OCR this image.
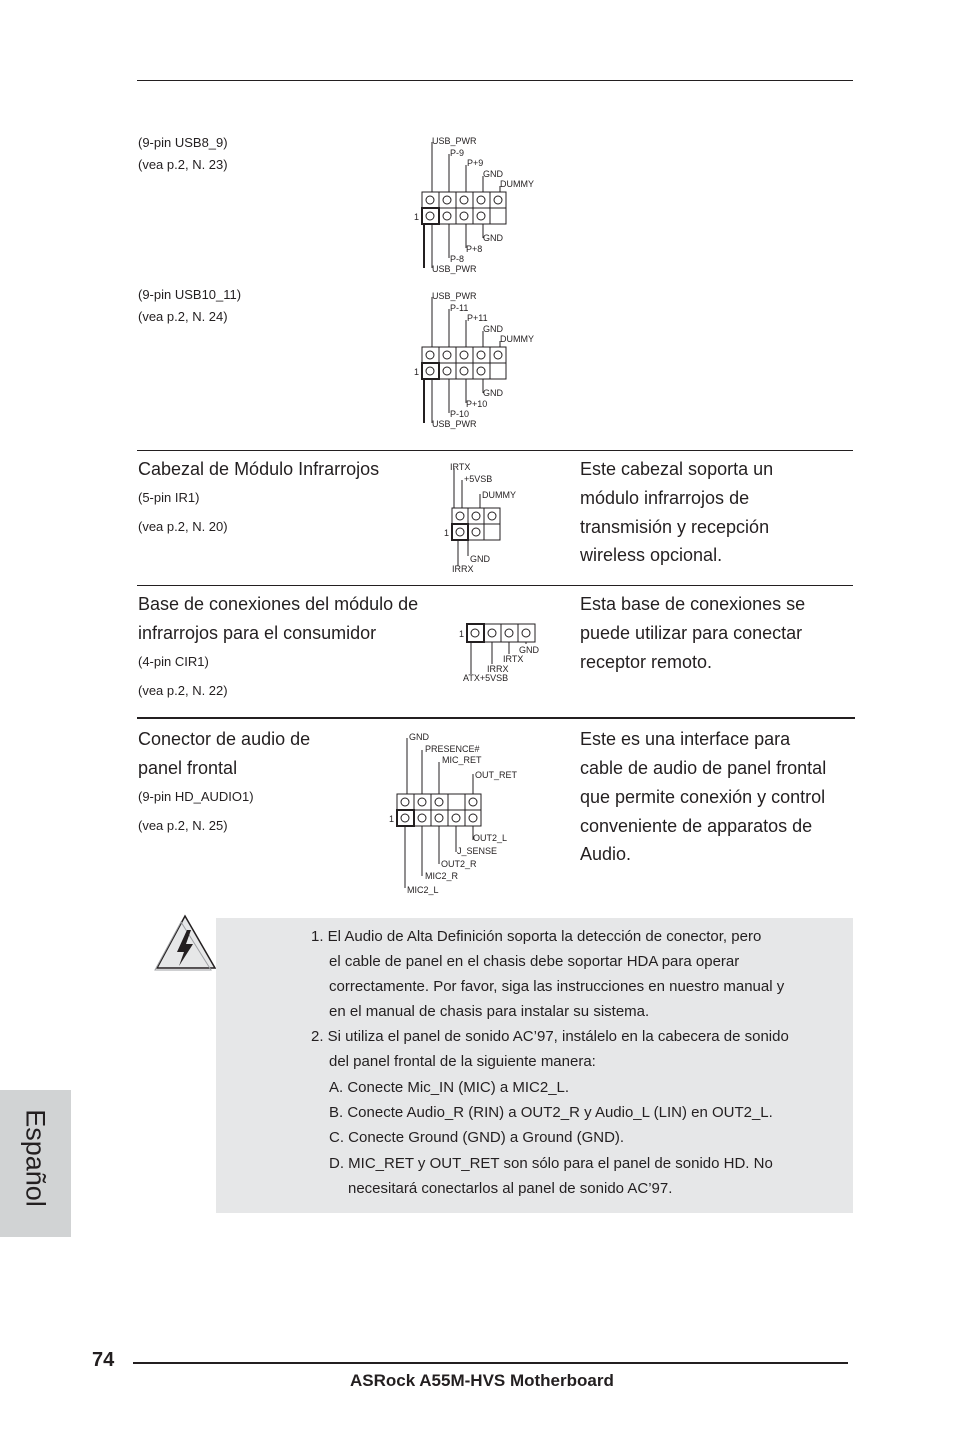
(9-pin USB8_9)
(vea p.2, N. 23)
USB_PWR
P-9
P+9
GND
DUMMY
GND
P+8
P-8
USB_PWR
1
(9-pin USB10_11)
(vea p.2, N. 24)
USB_PWR
P-11
P+11
GND
DUMMY
GND
P+10
P-10
USB_PWR
1
Cabezal de Módulo Infrarrojos
(5-pin IR1)
(vea p.2, N. 20)
Este cabezal soporta un
módulo infrarrojos de
transmisión y recepción
wireless opcional.
IRTX
+5VSB
DUMMY
GND
IRRX
1
Base de conexiones del módulo de
infrarrojos para el consumidor
(4-pin CIR1)
(vea p.2, N. 22)
Esta base de conexiones se
puede utilizar para conectar
receptor remoto.
GND
IRTX
IRRX
ATX+5VSB
1
Conector de audio de
panel frontal
(9-pin HD_AUDIO1)
(vea p.2, N. 25)
Este es una interface para
cable de audio de panel frontal
que permite conexión y control
conveniente de apparatos de
Audio.
GND
PRESENCE#
MIC_RET
OUT_RET
OUT2_L
J_SENSE
OUT2_R
MIC2_R
MIC2_L
1
1. El Audio de Alta Definición soporta la detección de conector, pero
el cable de panel en el chasis debe soportar HDA para operar
correctamente. Por favor, siga las instrucciones en nuestro manual y
en el manual de chasis para instalar su sistema.
2. Si utiliza el panel de sonido AC’97, instálelo en la cabecera de sonido
del panel frontal de la siguiente manera:
A. Conecte Mic_IN (MIC) a MIC2_L.
B. Conecte Audio_R (RIN) a OUT2_R y Audio_L (LIN) en OUT2_L.
C. Conecte Ground (GND) a Ground (GND).
D. MIC_RET y OUT_RET son sólo para el panel de sonido HD. No
necesitará conectarlos al panel de sonido AC’97.
Español
74
ASRock A55M-HVS Motherboard
